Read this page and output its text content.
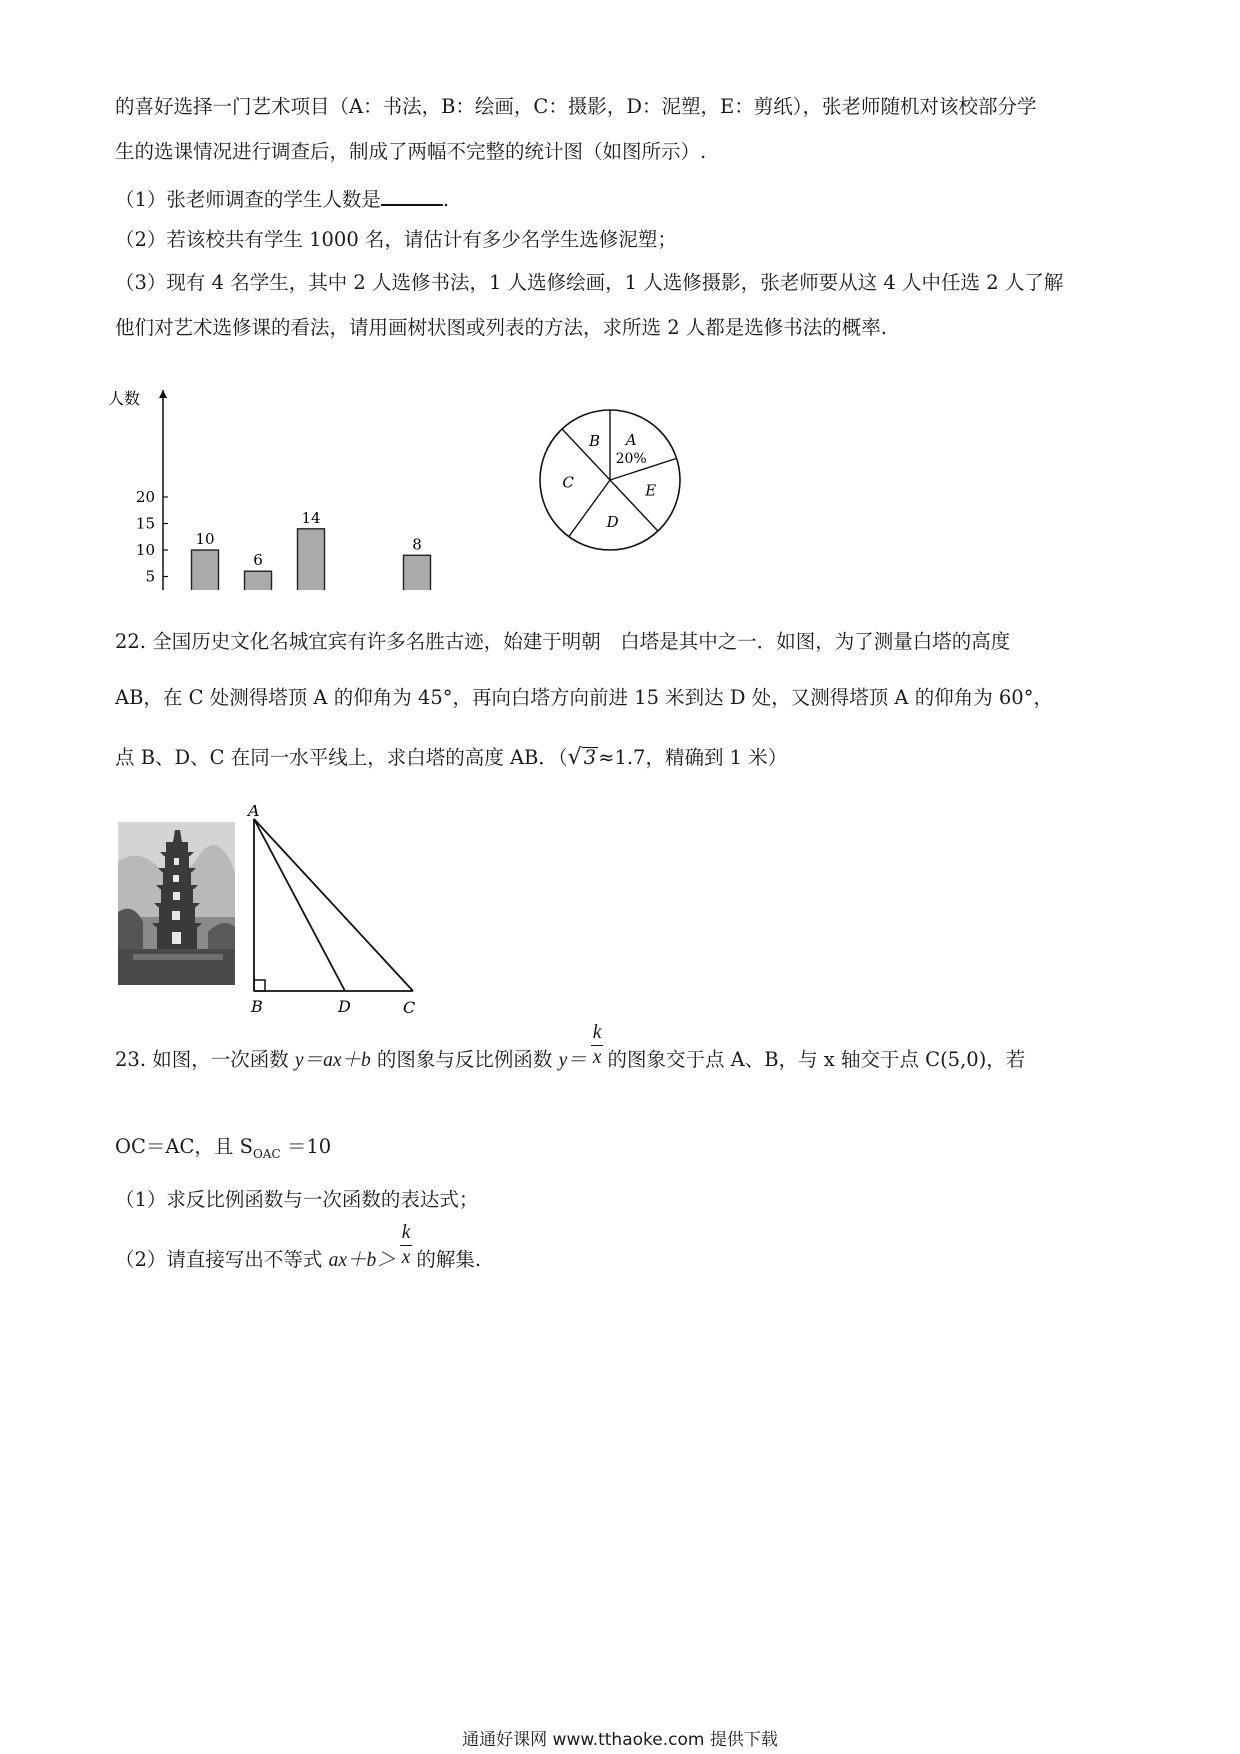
的喜好选择一门艺术项目（A：书法，B：绘画，C：摄影，D：泥塑，E：剪纸），张老师随机对该校部分学
生的选课情况进行调查后，制成了两幅不完整的统计图（如图所示）.
（1）张老师调查的学生人数是	.
（2）若该校共有学生 1000 名，请估计有多少名学生选修泥塑；
（3）现有 4 名学生，其中 2 人选修书法，1 人选修绘画，1 人选修摄影，张老师要从这 4 人中任选 2 人了解
他们对艺术选修课的看法，请用画树状图或列表的方法，求所选 2 人都是选修书法的概率.
人数
5
10
15
20
10
6
14
8
A
20%
E
D
C
B
22. 全国历史文化名城宜宾有许多名胜古迹，始建于明朝　白塔是其中之一．如图，为了测量白塔的高度
AB，在 C 处测得塔顶 A 的仰角为 45°，再向白塔方向前进 15 米到达 D 处，又测得塔顶 A 的仰角为 60°，
点 B、D、C 在同一水平线上，求白塔的高度 AB．（√ 3 ≈1.7，精确到 1 米）
A
B	D	C
23. 如图，一次函数 y＝ax＋b 的图象与反比例函数 $y= \frac{k}{x}$ 的图象交于点 A、B，与 x 轴交于点 C(5,0)，若
OC＝AC，且 $S_{OAC} =10$
（1）求反比例函数与一次函数的表达式；
（2）请直接写出不等式 $ax+b> \frac{k}{x}$ 的解集.
通通好课网 www.tthaoke.com 提供下载
